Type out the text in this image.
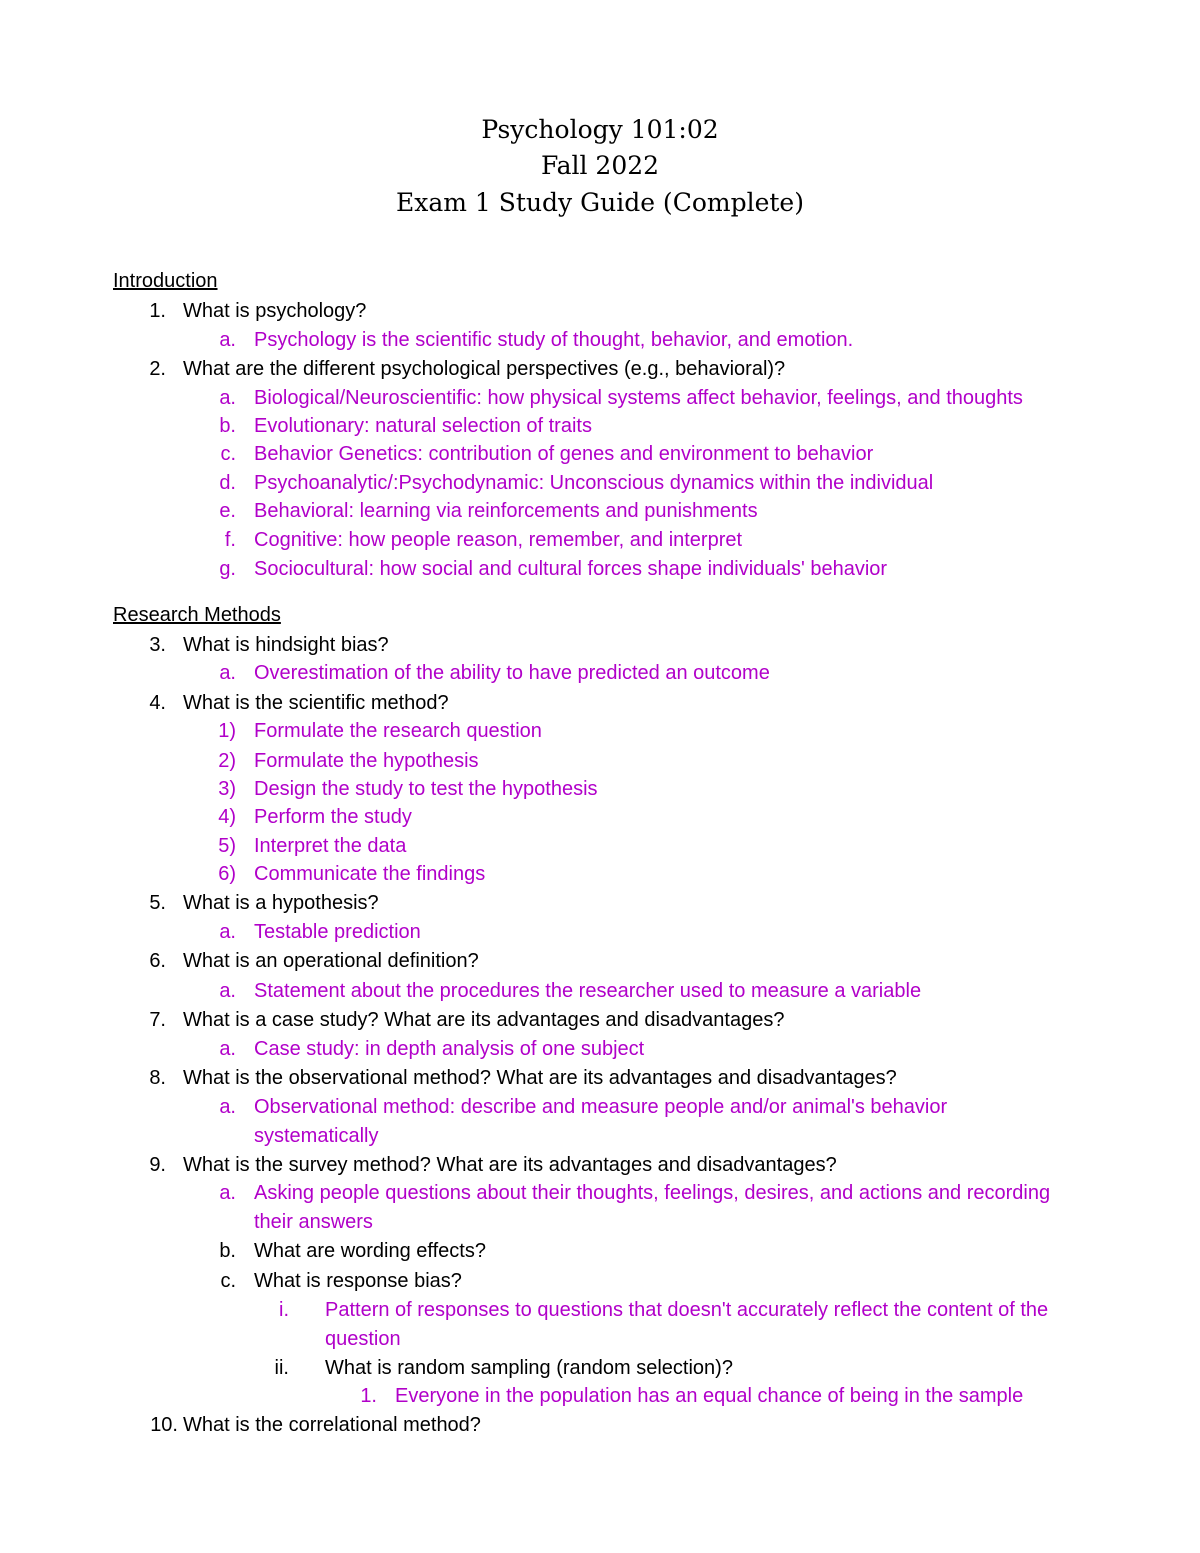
Psychology 101:02
Fall 2022
Exam 1 Study Guide (Complete)
Introduction
Research Methods
1. What is psychology?
a. Psychology is the scientific study of thought, behavior, and emotion.
2. What are the different psychological perspectives (e.g., behavioral)?
a. Biological/Neuroscientific: how physical systems affect behavior, feelings, and thoughts
b. Evolutionary: natural selection of traits
c. Behavior Genetics: contribution of genes and environment to behavior
d. Psychoanalytic/:Psychodynamic: Unconscious dynamics within the individual
e. Behavioral: learning via reinforcements and punishments
f. Cognitive: how people reason, remember, and interpret
g. Sociocultural: how social and cultural forces shape individuals' behavior
3. What is hindsight bias?
a. Overestimation of the ability to have predicted an outcome
4. What is the scientific method?
1) Formulate the research question
2) Formulate the hypothesis
3) Design the study to test the hypothesis
4) Perform the study
5) Interpret the data
6) Communicate the findings
5. What is a hypothesis?
a. Testable prediction
6. What is an operational definition?
a. Statement about the procedures the researcher used to measure a variable
7. What is a case study? What are its advantages and disadvantages?
a. Case study: in depth analysis of one subject
8. What is the observational method? What are its advantages and disadvantages?
a. Observational method: describe and measure people and/or animal's behavior
systematically
9. What is the survey method? What are its advantages and disadvantages?
a. Asking people questions about their thoughts, feelings, desires, and actions and recording
their answers
b. What are wording effects?
c. What is response bias?
i. Pattern of responses to questions that doesn't accurately reflect the content of the
question
ii. What is random sampling (random selection)?
1. Everyone in the population has an equal chance of being in the sample
10. What is the correlational method?
